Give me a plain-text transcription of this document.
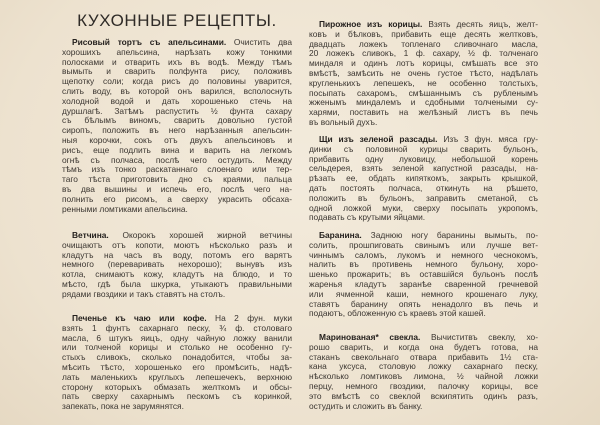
КУХОННЫЕ РЕЦЕПТЫ.
Рисовый тортъ съ апельсинами. Очистить два
хорошихъ апельсина, нарѣзать кожу тонкими
полосками и отварить ихъ въ водѣ. Между тѣмъ
вымыть и сварить полфунта рису, положивъ
щепотку соли; когда рисъ до половины уварится,
слить воду, въ которой онъ варился, всполоснуть
холодной водой и дать хорошенько стечь на
дуршлагѣ. Затѣмъ распустить ½ фунта сахару
съ бѣлымъ виномъ, сварить довольно густой
сиропъ, положить въ него нарѣзанныя апельсин-
ныя корочки, сокъ отъ двухъ апельсиновъ и
рисъ, еще подлить вина и варить на легкомъ
огнѣ съ полчаса, послѣ чего остудить. Между
тѣмъ изъ тонко раскатаннаго слоенаго или тер-
таго тѣста приготовить дно съ краями, пальца
въ два вышины и испечь его, послѣ чего на-
полнить его рисомъ, а сверху украсить обсаха-
ренными ломтиками апельсина.
Ветчина. Окорокъ хорошей жирной ветчины
очищаютъ отъ копоти, моютъ нѣсколько разъ и
кладутъ на часъ въ воду, потомъ его варятъ
немного (переваривать нехорошо); вынувъ изъ
котла, снимаютъ кожу, кладутъ на блюдо, и то
мѣсто, гдѣ была шкурка, утыкаютъ правильными
рядами гвоздики и такъ ставятъ на столъ.
Печенье къ чаю или кофе. На 2 фун. муки
взять 1 фунтъ сахарнаго песку, ¾ ф. столоваго
масла, 6 штукъ яицъ, одну чайную ложку ванили
или толченой корицы и столько не особенно гу-
стыхъ сливокъ, сколько понадобится, чтобы за-
мѣсить тѣсто, хорошенько его промѣсить, надѣ-
лать маленькихъ круглыхъ лепешечекъ, верхнюю
сторону которыхъ обмазать желткомъ и обсы-
пать сверху сахарнымъ пескомъ съ коринкой,
запекать, пока не зарумянятся.
Пирожное изъ корицы. Взять десять яицъ, желт-
ковъ и бѣлковъ, прибавить еще десять желтковъ,
двадцать ложекъ топленаго сливочнаго масла,
20 ложекъ сливокъ, 1 ф. сахару, ½ ф. толченаго
миндаля и одинъ лотъ корицы, смѣшать все это
вмѣстѣ, замѣсить не очень густое тѣсто, надѣлать
кругленькихъ лепешекъ, не особенно толстыхъ,
посыпать сахаромъ, смѣшаннымъ съ рубленымъ
жженымъ миндалемъ и сдобными толчеными су-
харями, поставить на желѣзный листъ въ печь
въ вольный духъ.
Щи изъ зеленой разсады. Изъ 3 фун. мяса гру-
динки съ половиной курицы сварить бульонъ,
прибавить одну луковицу, небольшой корень
сельдерея, взять зеленой капустной разсады, на-
рѣзать ее, обдать кипяткомъ, закрыть крышкой,
дать постоять полчаса, откинуть на рѣшето,
положить въ бульонъ, заправить сметаной, съ
одной ложкой муки, сверху посыпать укропомъ,
подавать съ крутыми яйцами.
Баранина. Заднюю ногу баранины вымыть, по-
солить, прошпиговать свинымъ или лучше вет-
чиннымъ саломъ, лукомъ и немного чеснокомъ,
налить въ противень немного бульону, хоро-
шенько прожарить; въ оставшійся бульонъ послѣ
жаренья кладутъ заранѣе сваренной гречневой
или ячменной каши, немного крошенаго луку,
ставятъ баранину опять ненадолго въ печь и
подаютъ, обложенную съ краевъ этой кашей.
Маринованая* свекла. Вычиститвъ свеклу, хо-
рошо сварить, и когда она будетъ готова, на
стаканъ свекольнаго отвара прибавить 1½ ста-
кана уксуса, столовую ложку сахарнаго песку,
нѣсколько ломтиковъ лимона, ½ чайной ложки
перцу, немного гвоздики, палочку корицы, все
это вмѣстѣ со свеклой вскипятить одинъ разъ,
остудить и сложить въ банку.
